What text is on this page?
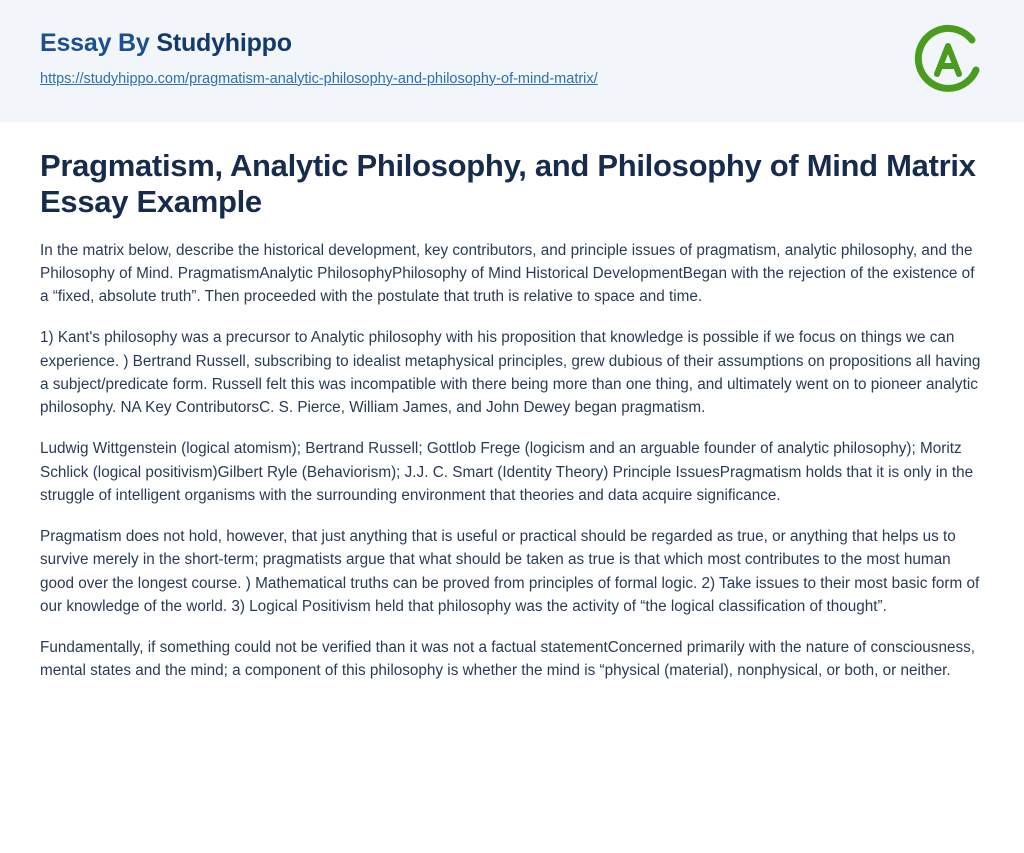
Essay By Studyhippo
https://studyhippo.com/pragmatism-analytic-philosophy-and-philosophy-of-mind-matrix/
Pragmatism, Analytic Philosophy, and Philosophy of Mind Matrix Essay Example

In the matrix below, describe the historical development, key contributors, and principle issues of pragmatism, analytic philosophy, and the Philosophy of Mind. PragmatismAnalytic PhilosophyPhilosophy of Mind Historical DevelopmentBegan with the rejection of the existence of a “fixed, absolute truth”. Then proceeded with the postulate that truth is relative to space and time.

1) Kant's philosophy was a precursor to Analytic philosophy with his proposition that knowledge is possible if we focus on things we can experience. ) Bertrand Russell, subscribing to idealist metaphysical principles, grew dubious of their assumptions on propositions all having a subject/predicate form. Russell felt this was incompatible with there being more than one thing, and ultimately went on to pioneer analytic philosophy. NA Key ContributorsC. S. Pierce, William James, and John Dewey began pragmatism.

Ludwig Wittgenstein (logical atomism); Bertrand Russell; Gottlob Frege (logicism and an arguable founder of analytic philosophy); Moritz Schlick (logical positivism)Gilbert Ryle (Behaviorism); J.J. C. Smart (Identity Theory) Principle IssuesPragmatism holds that it is only in the struggle of intelligent organisms with the surrounding environment that theories and data acquire significance.

Pragmatism does not hold, however, that just anything that is useful or practical should be regarded as true, or anything that helps us to survive merely in the short-term; pragmatists argue that what should be taken as true is that which most contributes to the most human good over the longest course. ) Mathematical truths can be proved from principles of formal logic. 2) Take issues to their most basic form of our knowledge of the world. 3) Logical Positivism held that philosophy was the activity of “the logical classification of thought”.

Fundamentally, if something could not be verified than it was not a factual statementConcerned primarily with the nature of consciousness, mental states and the mind; a component of this philosophy is whether the mind is “physical (material), nonphysical, or both, or neither.
